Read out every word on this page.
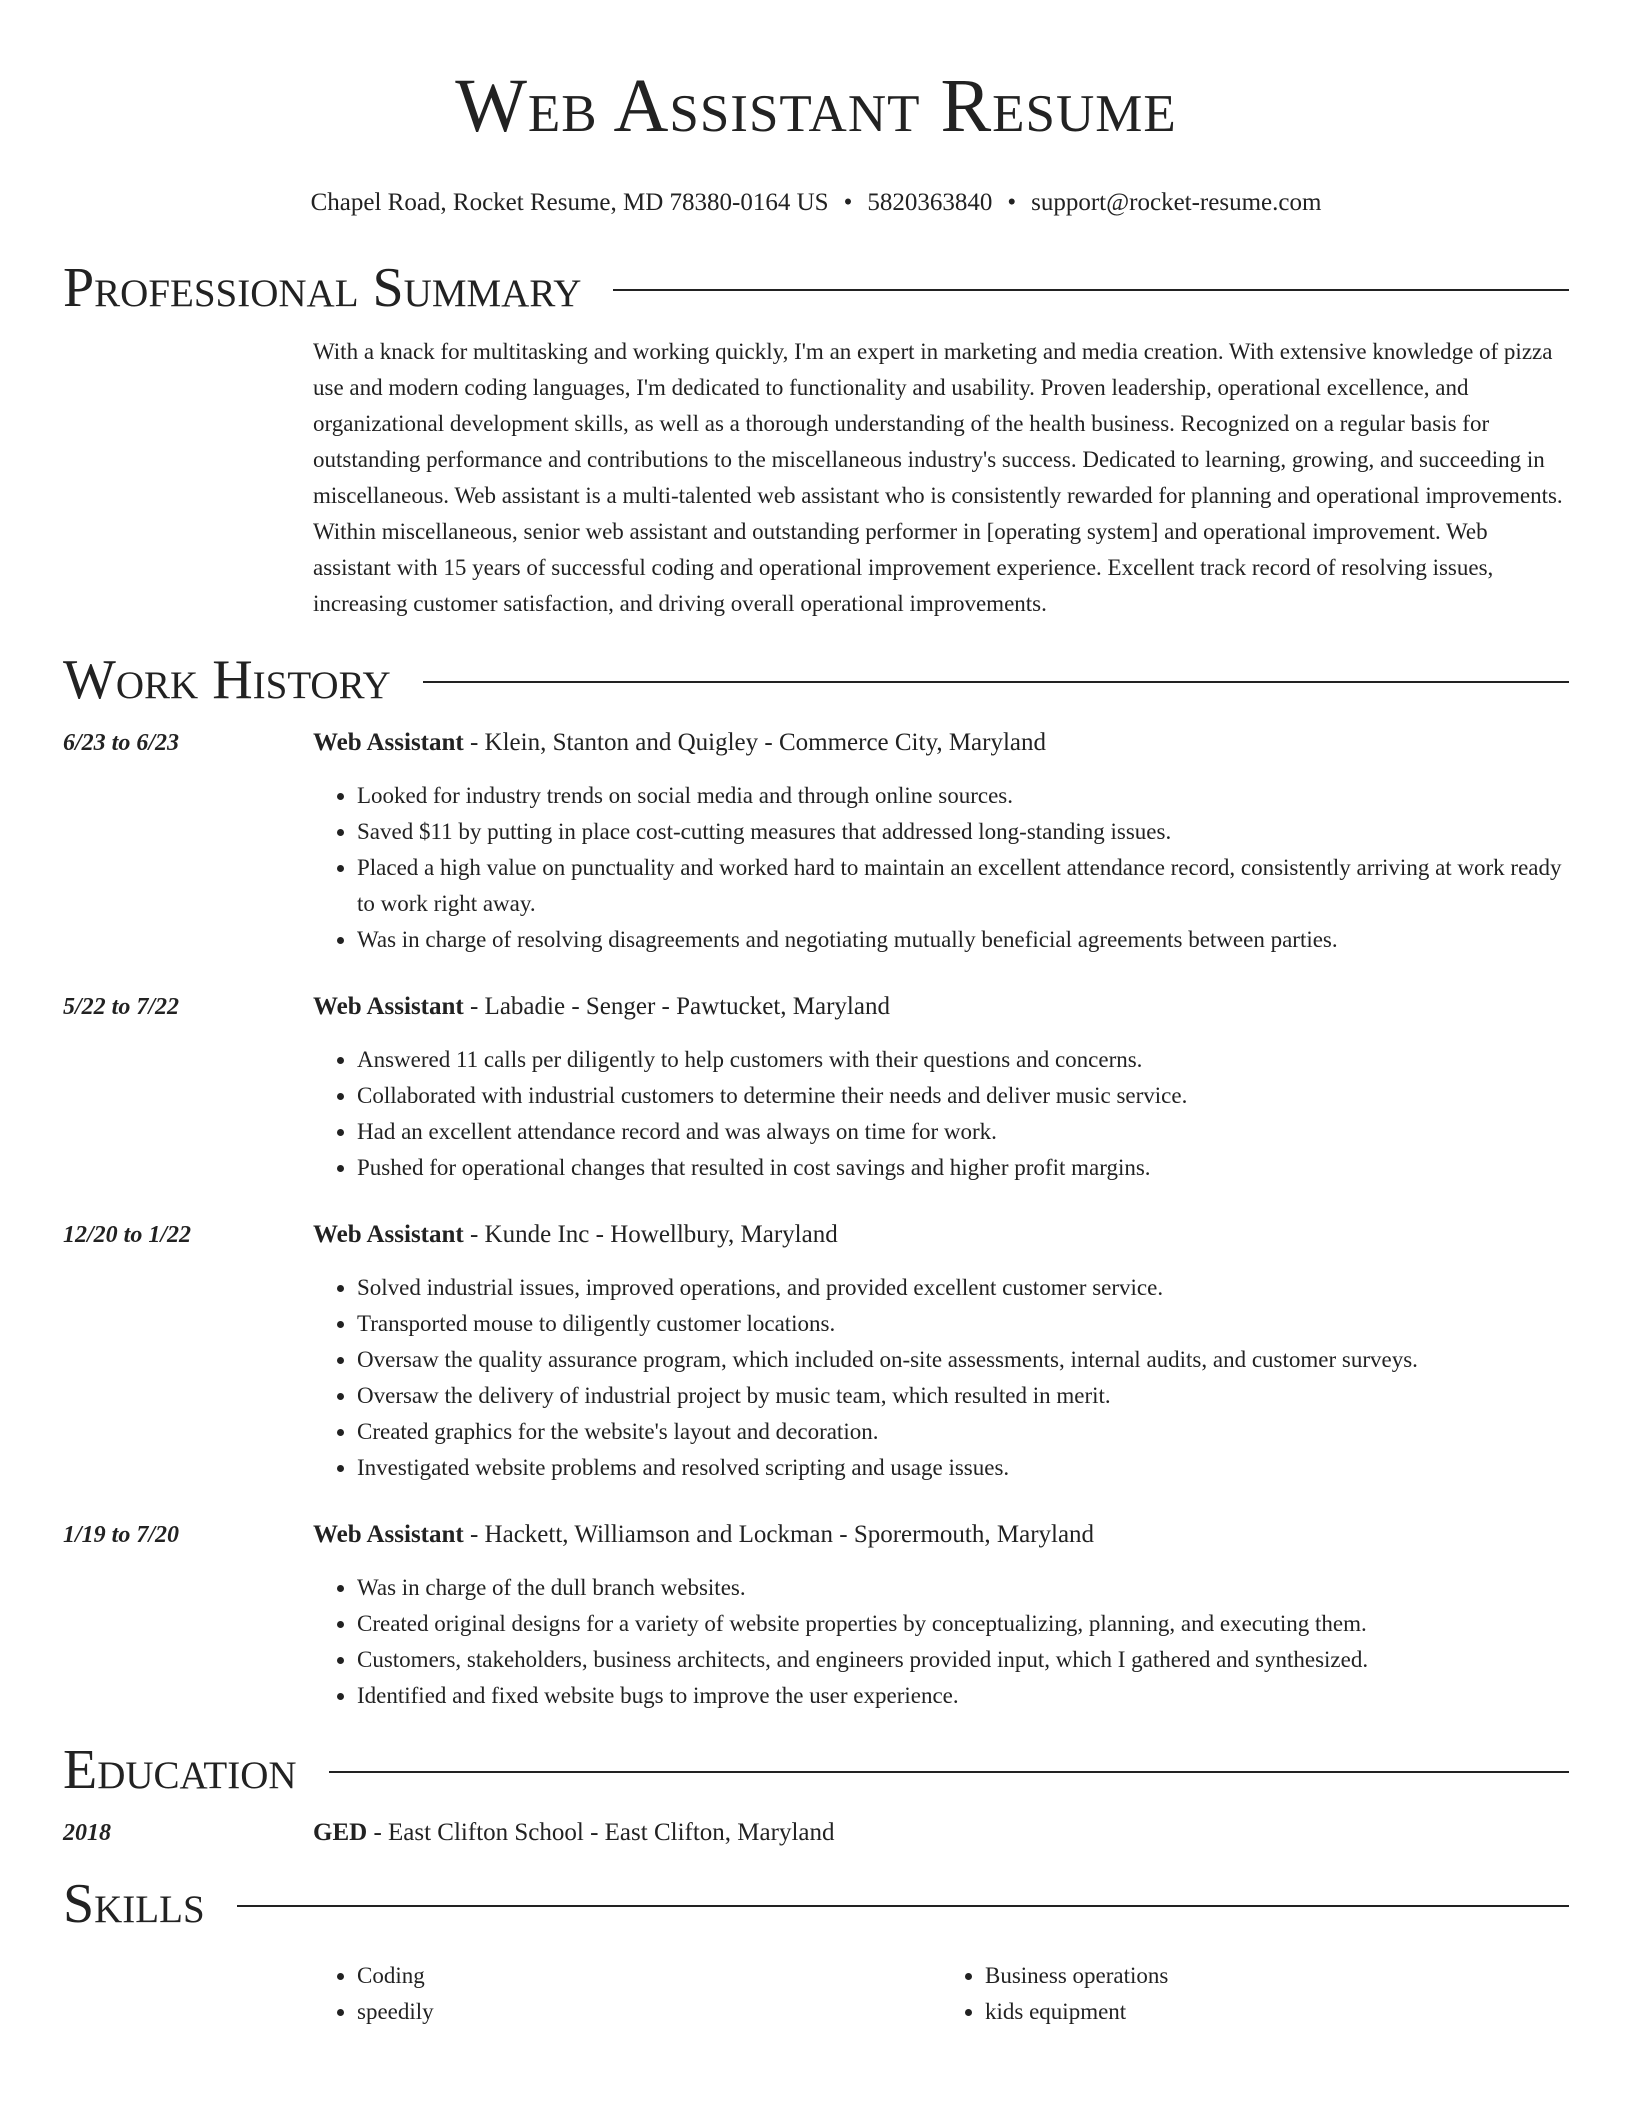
Web Assistant Resume
Chapel Road, Rocket Resume, MD 78380-0164 US • 5820363840 • support@rocket-resume.com
Professional Summary
With a knack for multitasking and working quickly, I'm an expert in marketing and media creation. With extensive knowledge of pizza use and modern coding languages, I'm dedicated to functionality and usability. Proven leadership, operational excellence, and organizational development skills, as well as a thorough understanding of the health business. Recognized on a regular basis for outstanding performance and contributions to the miscellaneous industry's success. Dedicated to learning, growing, and succeeding in miscellaneous. Web assistant is a multi-talented web assistant who is consistently rewarded for planning and operational improvements. Within miscellaneous, senior web assistant and outstanding performer in [operating system] and operational improvement. Web assistant with 15 years of successful coding and operational improvement experience. Excellent track record of resolving issues, increasing customer satisfaction, and driving overall operational improvements.
Work History
6/23 to 6/23	Web Assistant - Klein, Stanton and Quigley - Commerce City, Maryland
• Looked for industry trends on social media and through online sources.
• Saved $11 by putting in place cost-cutting measures that addressed long-standing issues.
• Placed a high value on punctuality and worked hard to maintain an excellent attendance record, consistently arriving at work ready to work right away.
• Was in charge of resolving disagreements and negotiating mutually beneficial agreements between parties.
5/22 to 7/22	Web Assistant - Labadie - Senger - Pawtucket, Maryland
• Answered 11 calls per diligently to help customers with their questions and concerns.
• Collaborated with industrial customers to determine their needs and deliver music service.
• Had an excellent attendance record and was always on time for work.
• Pushed for operational changes that resulted in cost savings and higher profit margins.
12/20 to 1/22	Web Assistant - Kunde Inc - Howellbury, Maryland
• Solved industrial issues, improved operations, and provided excellent customer service.
• Transported mouse to diligently customer locations.
• Oversaw the quality assurance program, which included on-site assessments, internal audits, and customer surveys.
• Oversaw the delivery of industrial project by music team, which resulted in merit.
• Created graphics for the website's layout and decoration.
• Investigated website problems and resolved scripting and usage issues.
1/19 to 7/20	Web Assistant - Hackett, Williamson and Lockman - Sporermouth, Maryland
• Was in charge of the dull branch websites.
• Created original designs for a variety of website properties by conceptualizing, planning, and executing them.
• Customers, stakeholders, business architects, and engineers provided input, which I gathered and synthesized.
• Identified and fixed website bugs to improve the user experience.
Education
2018	GED - East Clifton School - East Clifton, Maryland
Skills
• Coding
• speedily
• Business operations
• kids equipment
